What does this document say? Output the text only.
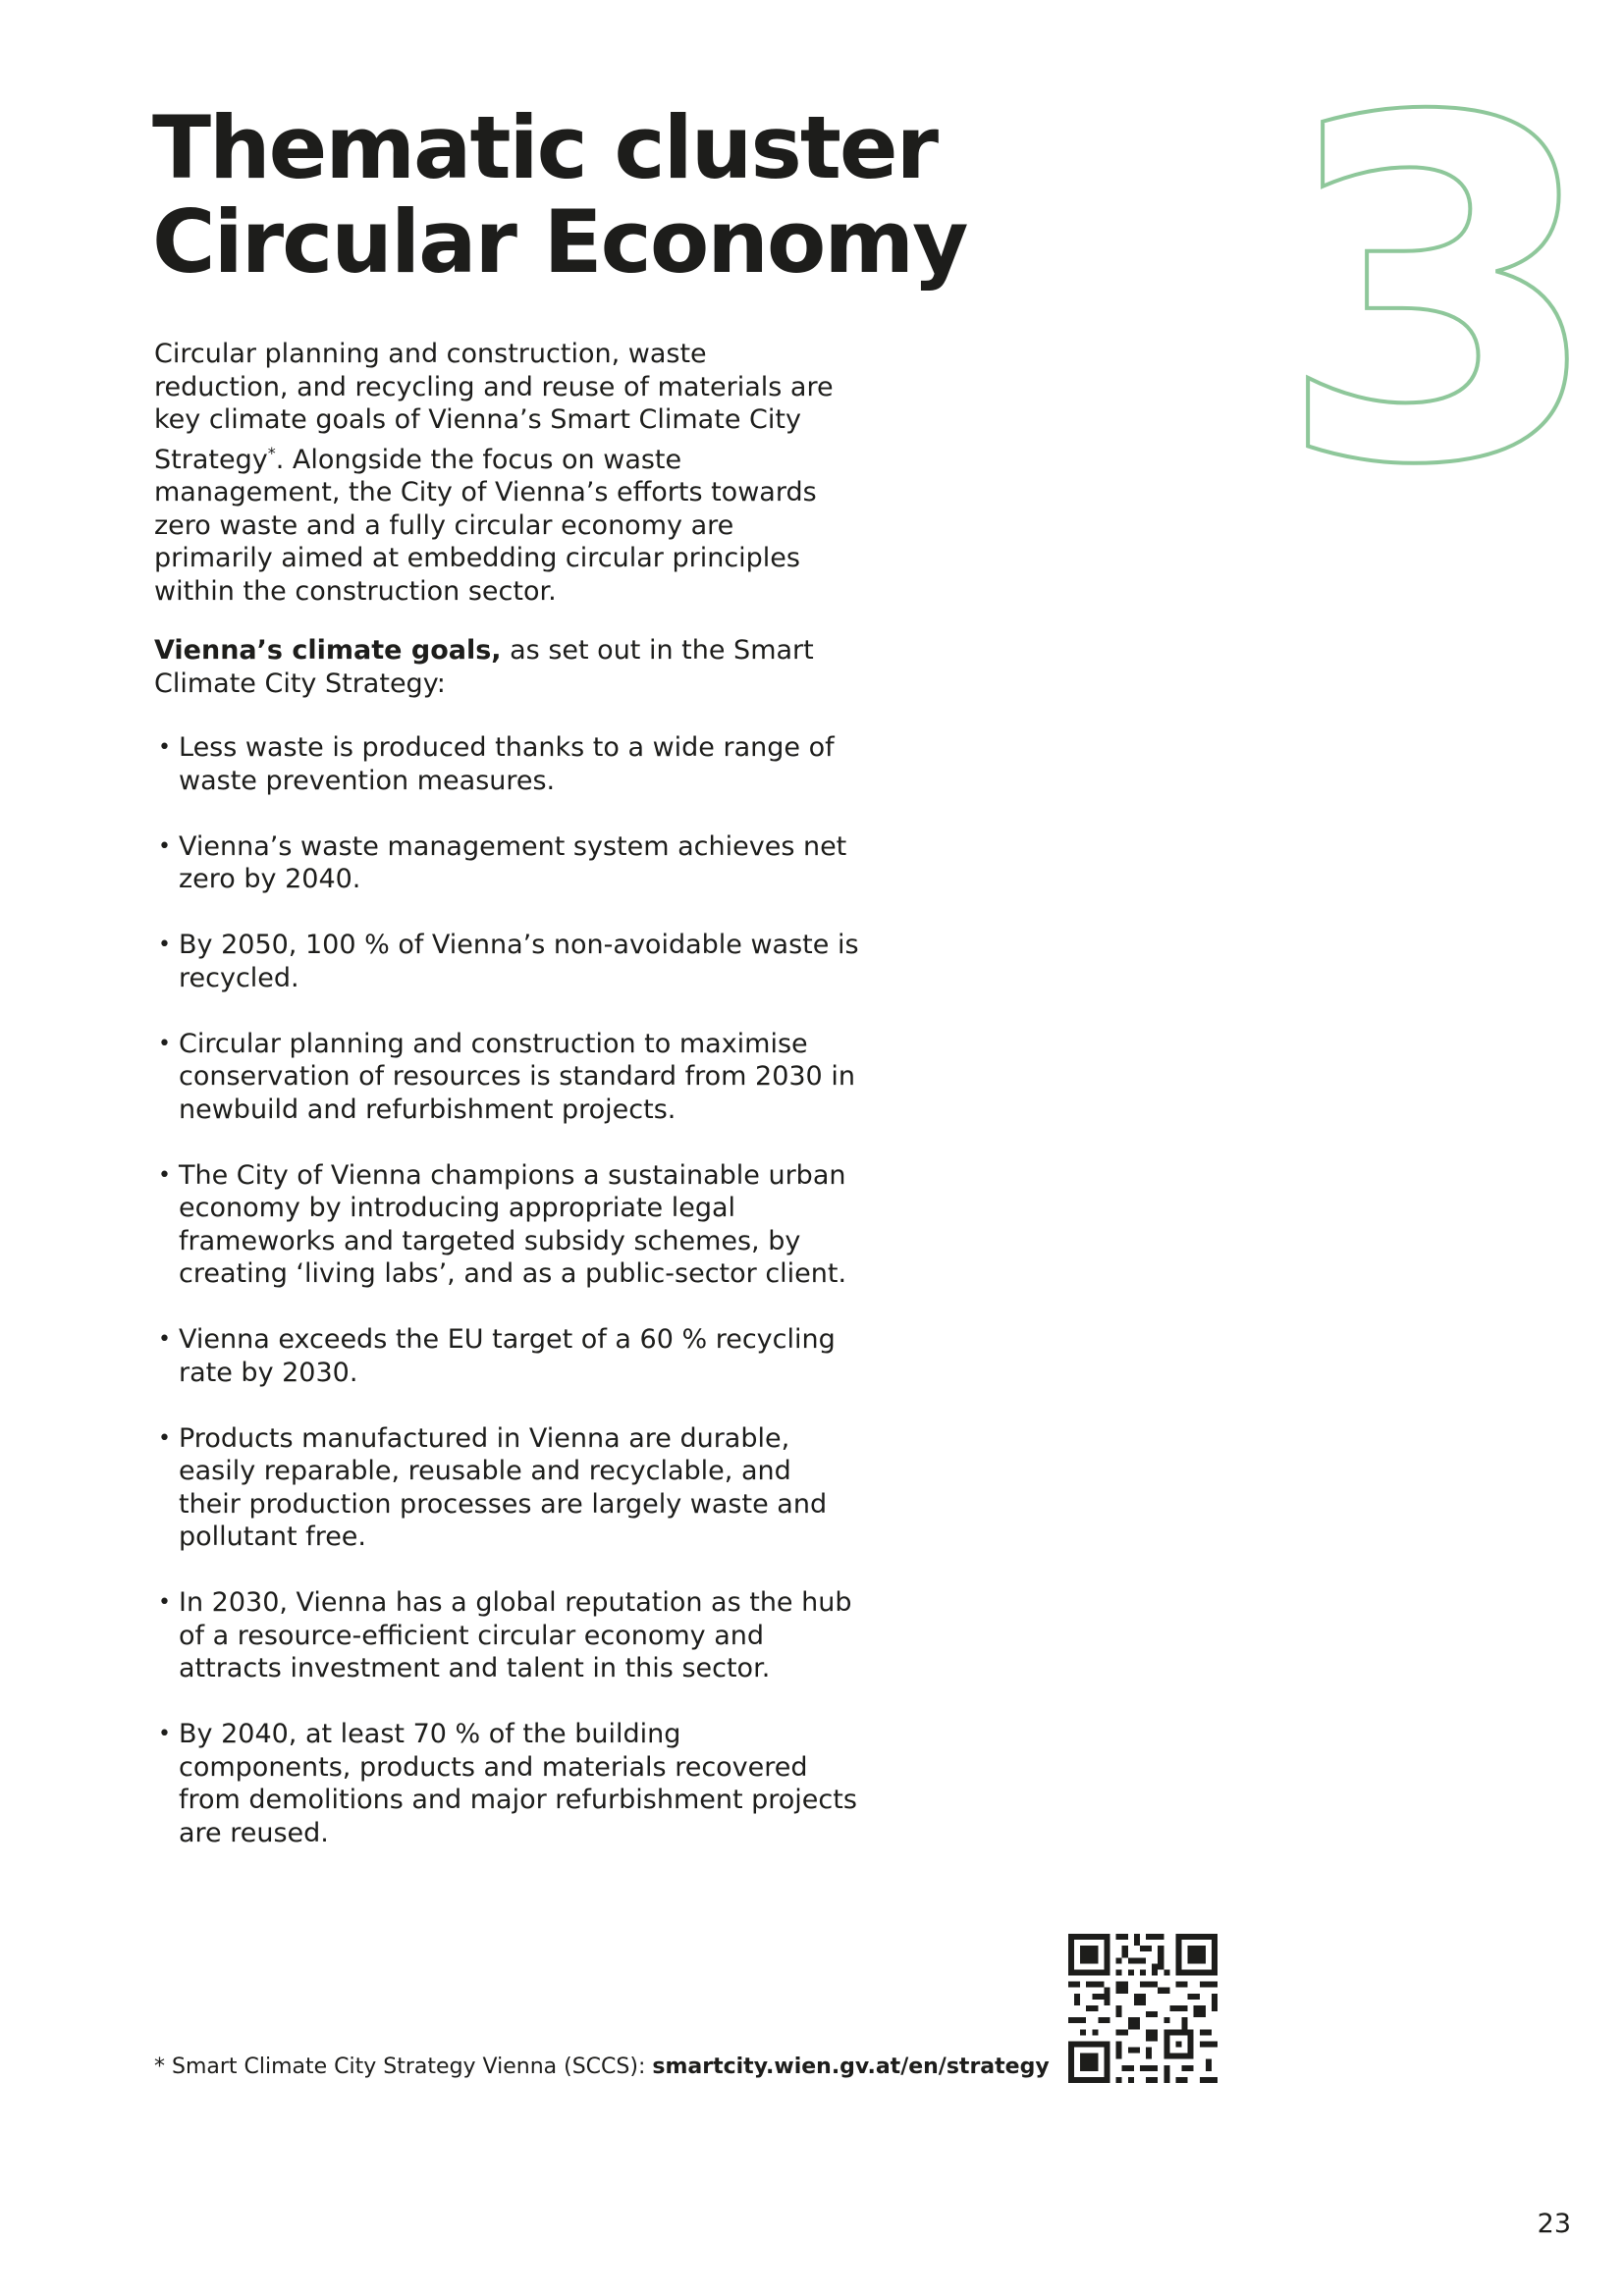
Thematic cluster
Circular Economy 3

Circular planning and construction, waste reduction, and recycling and reuse of materials are key climate goals of Vienna’s Smart Climate City Strategy*. Alongside the focus on waste management, the City of Vienna’s efforts towards zero waste and a fully circular economy are primarily aimed at embedding circular principles within the construction sector.

Vienna’s climate goals, as set out in the Smart Climate City Strategy:

• Less waste is produced thanks to a wide range of waste prevention measures.
• Vienna’s waste management system achieves net zero by 2040.
• By 2050, 100 % of Vienna’s non-avoidable waste is recycled.
• Circular planning and construction to maximise conservation of resources is standard from 2030 in newbuild and refurbishment projects.
• The City of Vienna champions a sustainable urban economy by introducing appropriate legal frameworks and targeted subsidy schemes, by creating ‘living labs’, and as a public-sector client.
• Vienna exceeds the EU target of a 60 % recycling rate by 2030.
• Products manufactured in Vienna are durable, easily reparable, reusable and recyclable, and their production processes are largely waste and pollutant free.
• In 2030, Vienna has a global reputation as the hub of a resource-efficient circular economy and attracts investment and talent in this sector.
• By 2040, at least 70 % of the building components, products and materials recovered from demolitions and major refurbishment projects are reused.

* Smart Climate City Strategy Vienna (SCCS): smartcity.wien.gv.at/en/strategy

23
